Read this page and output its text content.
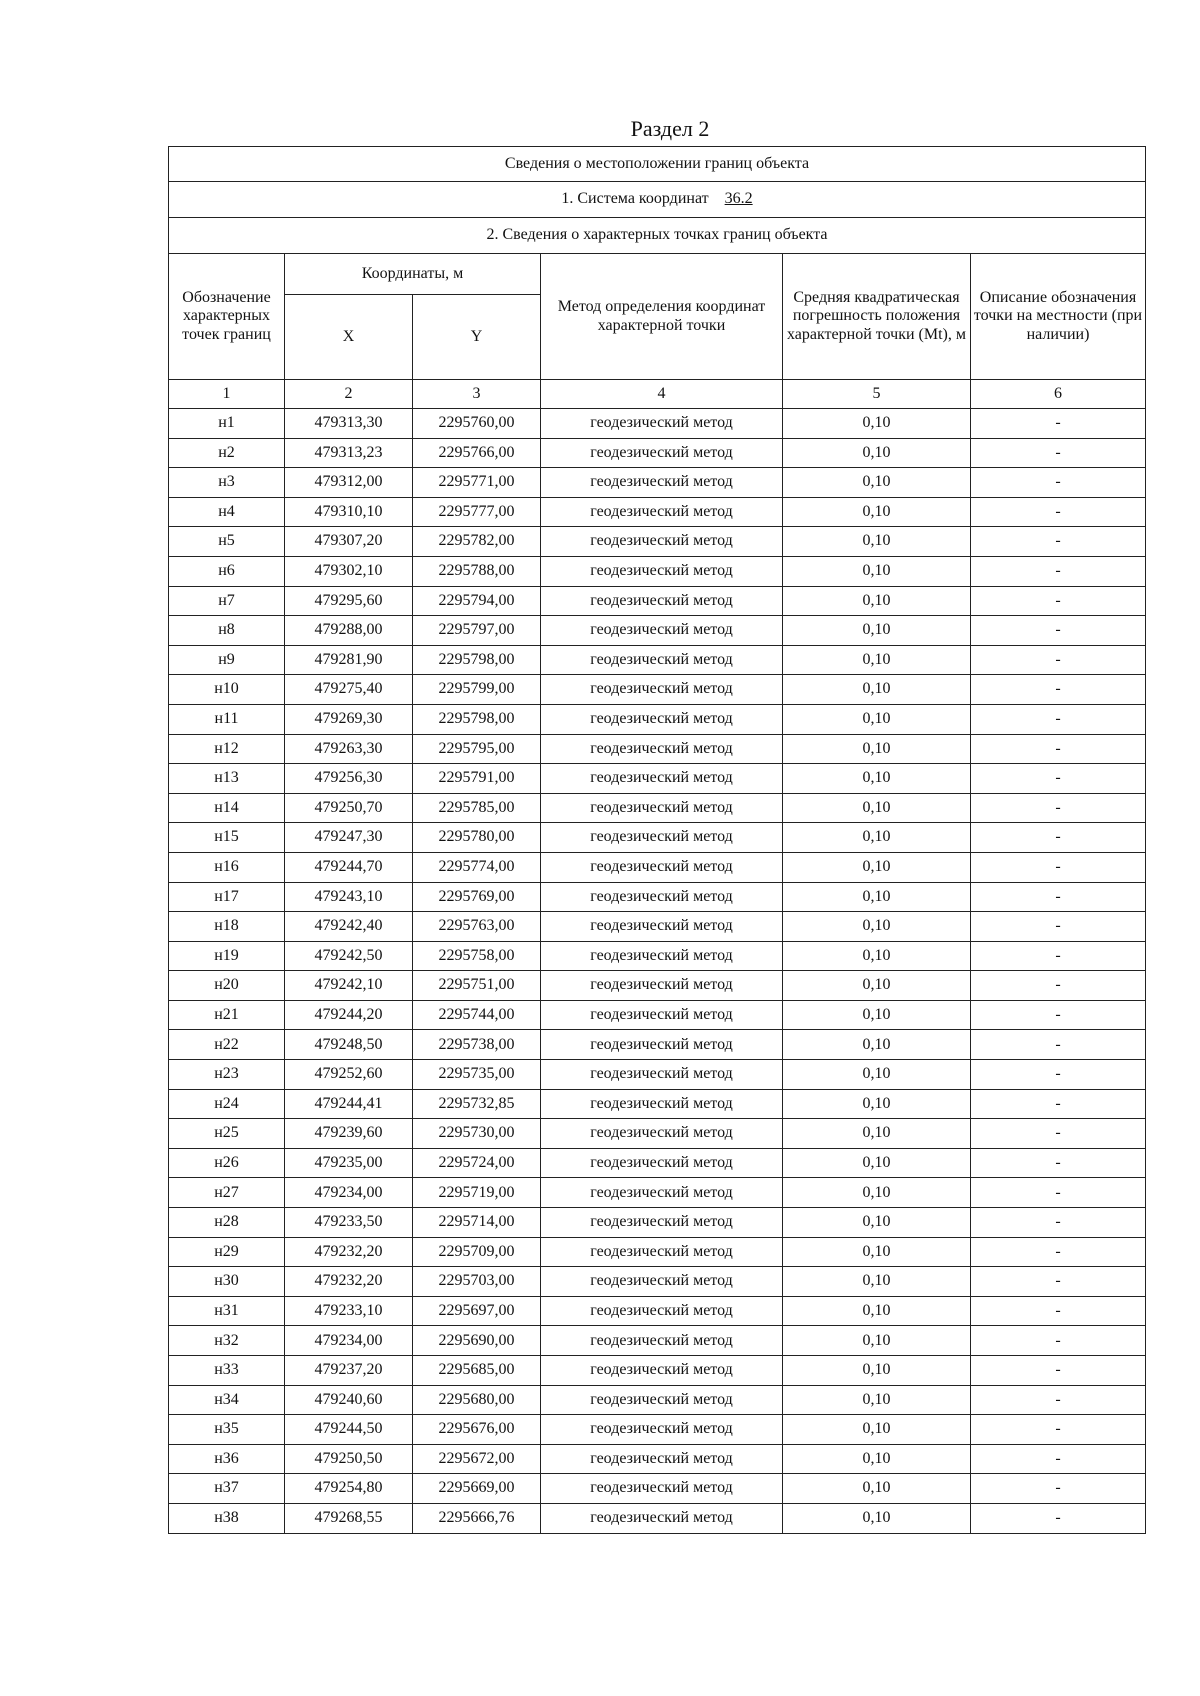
Раздел 2
Сведения о местоположении границ объекта					
1. Система координат 36.2					
2. Сведения о характерных точках границ объекта					
Обозначение характерных точек границ	Координаты, м		Метод определения координат характерной точки	Средняя квадратическая погрешность положения характерной точки (Mt), м	Описание обозначения точки на местности (при наличии)
	X	Y			
1	2	3	4	5	6
н1	479313,30	2295760,00	геодезический метод	0,10	-
н2	479313,23	2295766,00	геодезический метод	0,10	-
н3	479312,00	2295771,00	геодезический метод	0,10	-
н4	479310,10	2295777,00	геодезический метод	0,10	-
н5	479307,20	2295782,00	геодезический метод	0,10	-
н6	479302,10	2295788,00	геодезический метод	0,10	-
н7	479295,60	2295794,00	геодезический метод	0,10	-
н8	479288,00	2295797,00	геодезический метод	0,10	-
н9	479281,90	2295798,00	геодезический метод	0,10	-
н10	479275,40	2295799,00	геодезический метод	0,10	-
н11	479269,30	2295798,00	геодезический метод	0,10	-
н12	479263,30	2295795,00	геодезический метод	0,10	-
н13	479256,30	2295791,00	геодезический метод	0,10	-
н14	479250,70	2295785,00	геодезический метод	0,10	-
н15	479247,30	2295780,00	геодезический метод	0,10	-
н16	479244,70	2295774,00	геодезический метод	0,10	-
н17	479243,10	2295769,00	геодезический метод	0,10	-
н18	479242,40	2295763,00	геодезический метод	0,10	-
н19	479242,50	2295758,00	геодезический метод	0,10	-
н20	479242,10	2295751,00	геодезический метод	0,10	-
н21	479244,20	2295744,00	геодезический метод	0,10	-
н22	479248,50	2295738,00	геодезический метод	0,10	-
н23	479252,60	2295735,00	геодезический метод	0,10	-
н24	479244,41	2295732,85	геодезический метод	0,10	-
н25	479239,60	2295730,00	геодезический метод	0,10	-
н26	479235,00	2295724,00	геодезический метод	0,10	-
н27	479234,00	2295719,00	геодезический метод	0,10	-
н28	479233,50	2295714,00	геодезический метод	0,10	-
н29	479232,20	2295709,00	геодезический метод	0,10	-
н30	479232,20	2295703,00	геодезический метод	0,10	-
н31	479233,10	2295697,00	геодезический метод	0,10	-
н32	479234,00	2295690,00	геодезический метод	0,10	-
н33	479237,20	2295685,00	геодезический метод	0,10	-
н34	479240,60	2295680,00	геодезический метод	0,10	-
н35	479244,50	2295676,00	геодезический метод	0,10	-
н36	479250,50	2295672,00	геодезический метод	0,10	-
н37	479254,80	2295669,00	геодезический метод	0,10	-
н38	479268,55	2295666,76	геодезический метод	0,10	-
